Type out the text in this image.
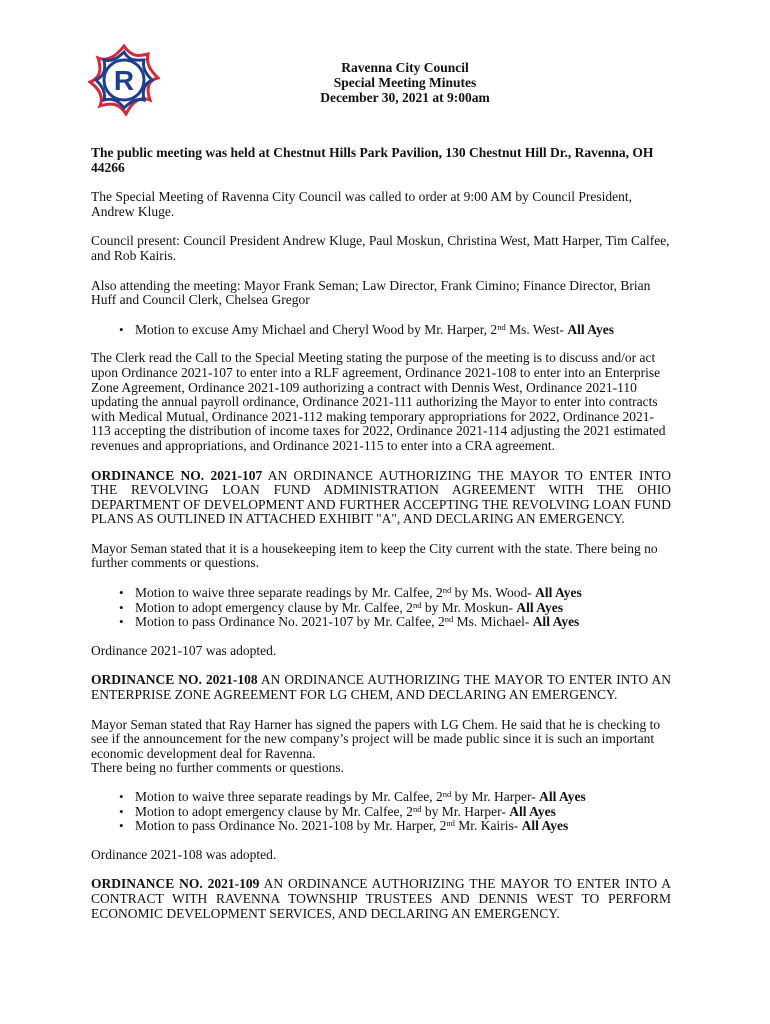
R	Ravenna City Council
Special Meeting Minutes
December 30, 2021 at 9:00am

The public meeting was held at Chestnut Hills Park Pavilion, 130 Chestnut Hill Dr., Ravenna, OH 44266

The Special Meeting of Ravenna City Council was called to order at 9:00 AM by Council President, Andrew Kluge.

Council present: Council President Andrew Kluge, Paul Moskun, Christina West, Matt Harper, Tim Calfee, and Rob Kairis.

Also attending the meeting: Mayor Frank Seman; Law Director, Frank Cimino; Finance Director, Brian Huff and Council Clerk, Chelsea Gregor

• Motion to excuse Amy Michael and Cheryl Wood by Mr. Harper, 2nd Ms. West- All Ayes

The Clerk read the Call to the Special Meeting stating the purpose of the meeting is to discuss and/or act upon Ordinance 2021-107 to enter into a RLF agreement, Ordinance 2021-108 to enter into an Enterprise Zone Agreement, Ordinance 2021-109 authorizing a contract with Dennis West, Ordinance 2021-110 updating the annual payroll ordinance, Ordinance 2021-111 authorizing the Mayor to enter into contracts with Medical Mutual, Ordinance 2021-112 making temporary appropriations for 2022, Ordinance 2021-113 accepting the distribution of income taxes for 2022, Ordinance 2021-114 adjusting the 2021 estimated revenues and appropriations, and Ordinance 2021-115 to enter into a CRA agreement.

ORDINANCE NO. 2021-107 AN ORDINANCE AUTHORIZING THE MAYOR TO ENTER INTO THE REVOLVING LOAN FUND ADMINISTRATION AGREEMENT WITH THE OHIO DEPARTMENT OF DEVELOPMENT AND FURTHER ACCEPTING THE REVOLVING LOAN FUND PLANS AS OUTLINED IN ATTACHED EXHIBIT "A", AND DECLARING AN EMERGENCY.

Mayor Seman stated that it is a housekeeping item to keep the City current with the state. There being no further comments or questions.

• Motion to waive three separate readings by Mr. Calfee, 2nd by Ms. Wood- All Ayes
• Motion to adopt emergency clause by Mr. Calfee, 2nd by Mr. Moskun- All Ayes
• Motion to pass Ordinance No. 2021-107 by Mr. Calfee, 2nd Ms. Michael- All Ayes

Ordinance 2021-107 was adopted.

ORDINANCE NO. 2021-108 AN ORDINANCE AUTHORIZING THE MAYOR TO ENTER INTO AN ENTERPRISE ZONE AGREEMENT FOR LG CHEM, AND DECLARING AN EMERGENCY.

Mayor Seman stated that Ray Harner has signed the papers with LG Chem. He said that he is checking to see if the announcement for the new company’s project will be made public since it is such an important economic development deal for Ravenna.
There being no further comments or questions.

• Motion to waive three separate readings by Mr. Calfee, 2nd by Mr. Harper- All Ayes
• Motion to adopt emergency clause by Mr. Calfee, 2nd by Mr. Harper- All Ayes
• Motion to pass Ordinance No. 2021-108 by Mr. Harper, 2nd Mr. Kairis- All Ayes

Ordinance 2021-108 was adopted.

ORDINANCE NO. 2021-109 AN ORDINANCE AUTHORIZING THE MAYOR TO ENTER INTO A CONTRACT WITH RAVENNA TOWNSHIP TRUSTEES AND DENNIS WEST TO PERFORM ECONOMIC DEVELOPMENT SERVICES, AND DECLARING AN EMERGENCY.
